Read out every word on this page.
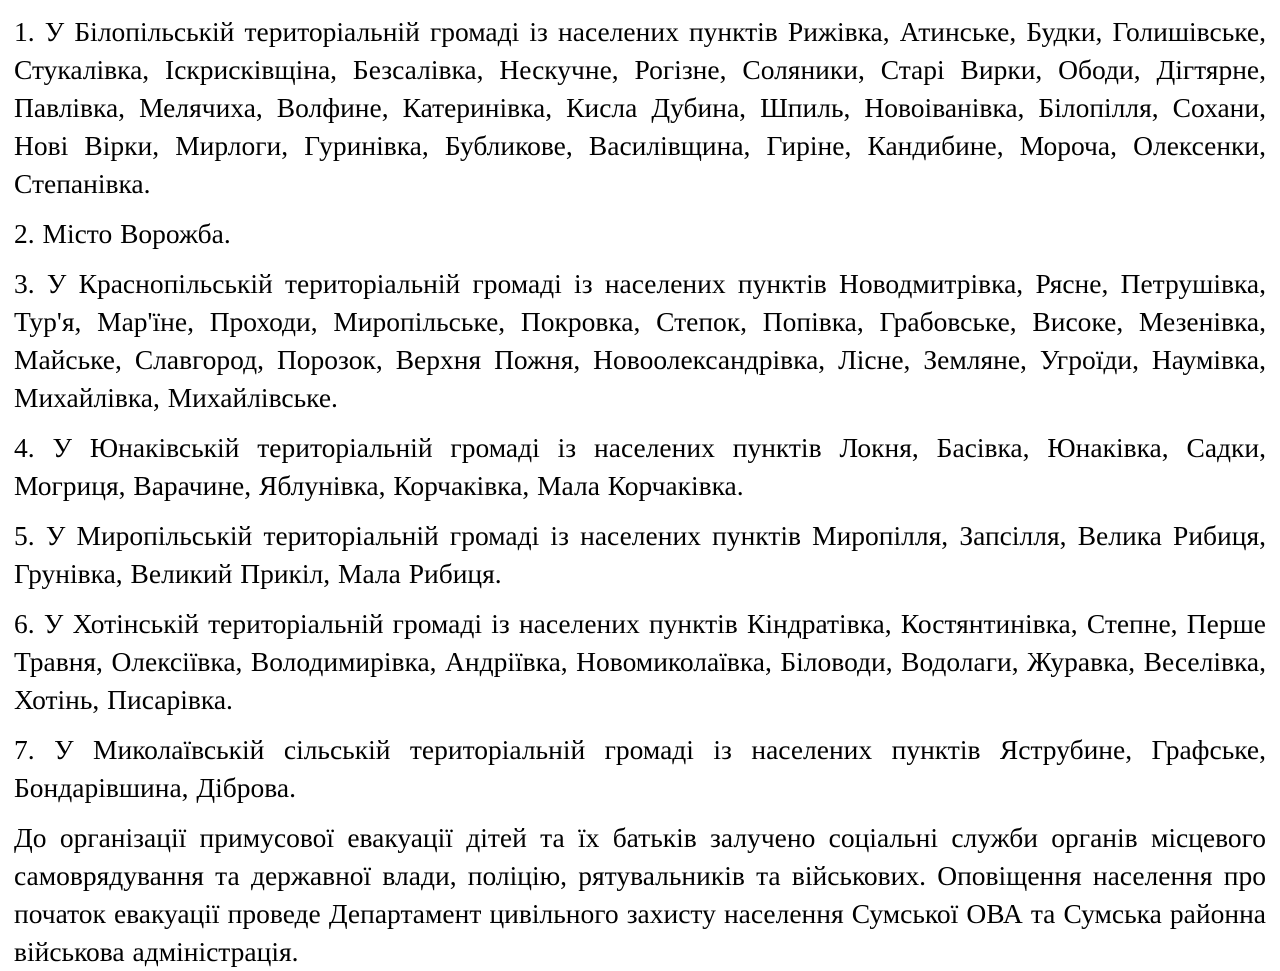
1. У Білопільській територіальній громаді із населених пунктів Рижівка, Атинське, Будки, Голишівське, Стукалівка, Іскрисківщіна, Безсалівка, Нескучне, Рогізне, Соляники, Старі Вирки, Ободи, Дігтярне, Павлівка, Мелячиха, Волфине, Катеринівка, Кисла Дубина, Шпиль, Новоіванівка, Білопілля, Сохани, Нові Вірки, Мирлоги, Гуринівка, Бубликове, Василівщина, Гиріне, Кандибине, Мороча, Олексенки, Степанівка.

2. Місто Ворожба.

3. У Краснопільській територіальній громаді із населених пунктів Новодмитрівка, Рясне, Петрушівка, Тур'я, Мар'їне, Проходи, Миропільське, Покровка, Степок, Попівка, Грабовське, Високе, Мезенівка, Майське, Славгород, Порозок, Верхня Пожня, Новоолександрівка, Лісне, Земляне, Угроїди, Наумівка, Михайлівка, Михайлівське.

4. У Юнаківській територіальній громаді із населених пунктів Локня, Басівка, Юнаківка, Садки, Могриця, Варачине, Яблунівка, Корчаківка, Мала Корчаківка.

5. У Миропільській територіальній громаді із населених пунктів Миропілля, Запсілля, Велика Рибиця, Грунівка, Великий Прикіл, Мала Рибиця.

6. У Хотінській територіальній громаді із населених пунктів Кіндратівка, Костянтинівка, Степне, Перше Травня, Олексіївка, Володимирівка, Андріївка, Новомиколаївка, Біловоди, Водолаги, Журавка, Веселівка, Хотінь, Писарівка.

7. У Миколаївській сільській територіальній громаді із населених пунктів Яструбине, Графське, Бондарівшина, Діброва.

До організації примусової евакуації дітей та їх батьків залучено соціальні служби органів місцевого самоврядування та державної влади, поліцію, рятувальників та військових. Оповіщення населення про початок евакуації проведе Департамент цивільного захисту населення Сумської ОВА та Сумська районна військова адміністрація.
